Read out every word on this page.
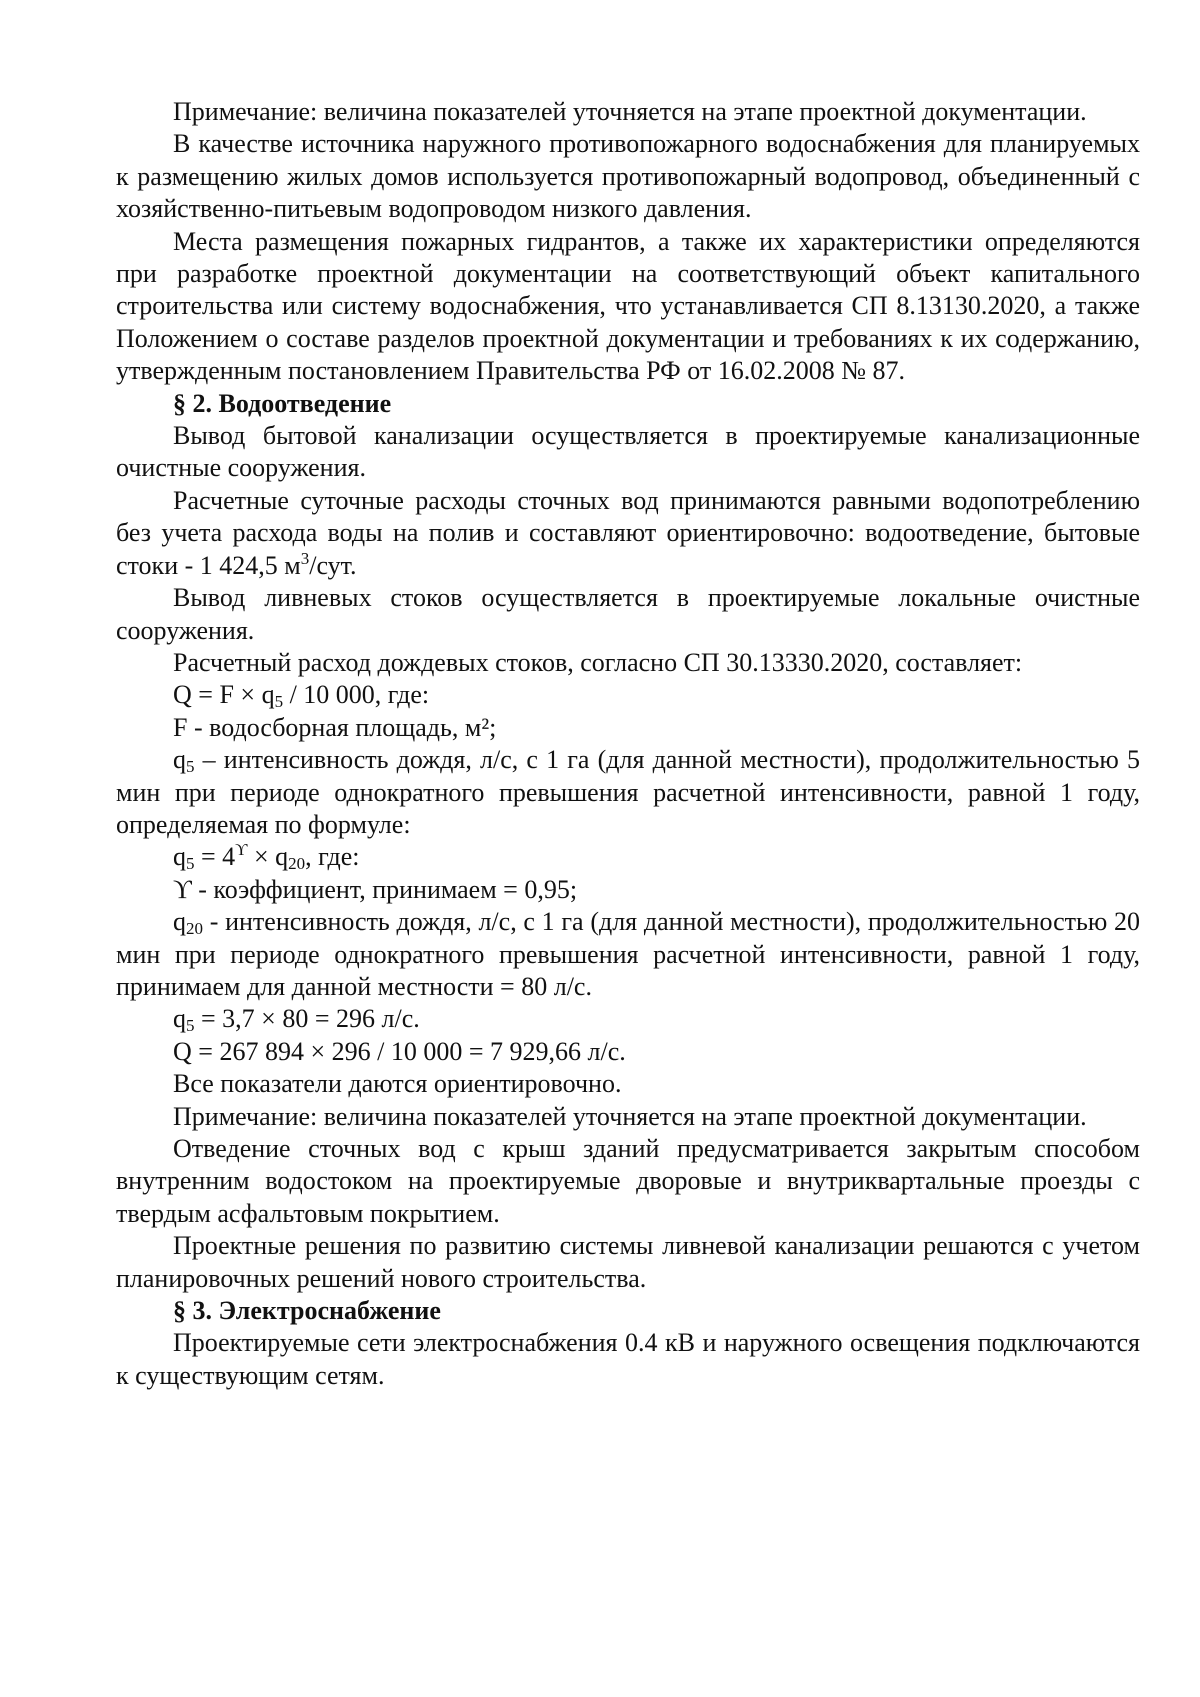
Примечание: величина показателей уточняется на этапе проектной документации.

В качестве источника наружного противопожарного водоснабжения для планируемых к размещению жилых домов используется противопожарный водопровод, объединенный с хозяйственно-питьевым водопроводом низкого давления.

Места размещения пожарных гидрантов, а также их характеристики определяются при разработке проектной документации на соответствующий объект капитального строительства или систему водоснабжения, что устанавливается СП 8.13130.2020, а также Положением о составе разделов проектной документации и требованиях к их содержанию, утвержденным постановлением Правительства РФ от 16.02.2008 № 87.

§ 2. Водоотведение

Вывод бытовой канализации осуществляется в проектируемые канализационные очистные сооружения.

Расчетные суточные расходы сточных вод принимаются равными водопотреблению без учета расхода воды на полив и составляют ориентировочно: водоотведение, бытовые стоки - 1 424,5 $м^3$/сут.

Вывод ливневых стоков осуществляется в проектируемые локальные очистные сооружения.

Расчетный расход дождевых стоков, согласно СП 30.13330.2020, составляет:

$Q = F \times q_5 / 10$ 000, где:

F - водосборная площадь, м²;

$q_5$ – интенсивность дождя, л/с, с 1 га (для данной местности), продолжительностью 5 мин при периоде однократного превышения расчетной интенсивности, равной 1 году, определяемая по формуле:

$q_5 = 4^ϒ \times q_{20}$, где:

ϒ - коэффициент, принимаем = 0,95;

$q_{20}$ - интенсивность дождя, л/с, с 1 га (для данной местности), продолжительностью 20 мин при периоде однократного превышения расчетной интенсивности, равной 1 году, принимаем для данной местности = 80 л/с.

$q_5 = 3,7 \times 80 = 296$ л/с.

Q = 267 894 × 296 / 10 000 = 7 929,66 л/с.

Все показатели даются ориентировочно.

Примечание: величина показателей уточняется на этапе проектной документации.

Отведение сточных вод с крыш зданий предусматривается закрытым способом внутренним водостоком на проектируемые дворовые и внутриквартальные проезды с твердым асфальтовым покрытием.

Проектные решения по развитию системы ливневой канализации решаются с учетом планировочных решений нового строительства.

§ 3. Электроснабжение

Проектируемые сети электроснабжения 0.4 кВ и наружного освещения подключаются к существующим сетям.
